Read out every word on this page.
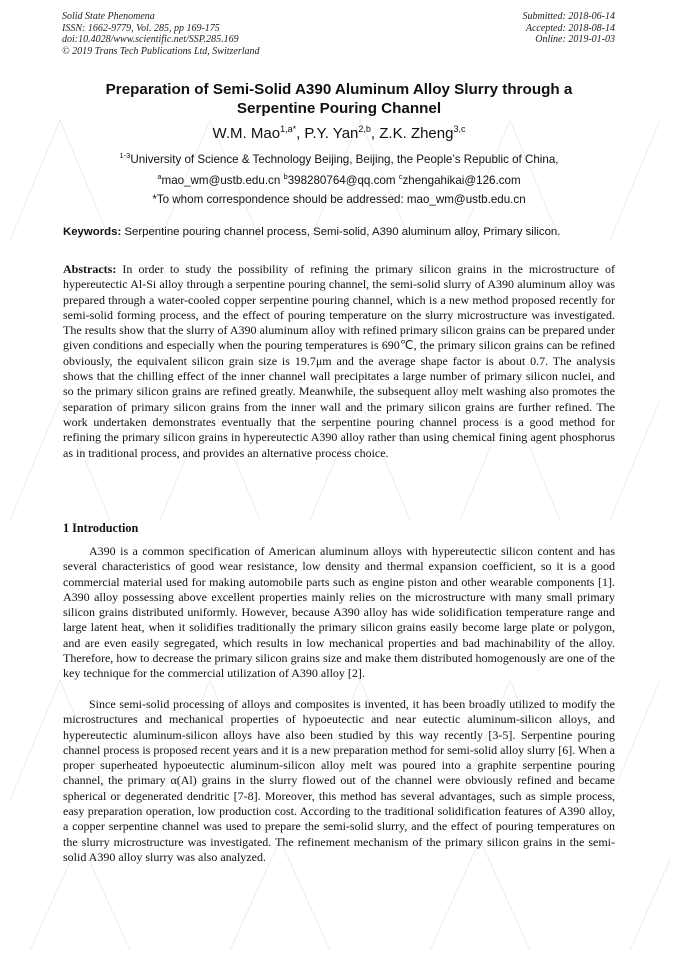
Solid State Phenomena
ISSN: 1662-9779, Vol. 285, pp 169-175
doi:10.4028/www.scientific.net/SSP.285.169
© 2019 Trans Tech Publications Ltd, Switzerland
Submitted: 2018-06-14
Accepted: 2018-08-14
Online: 2019-01-03
Preparation of Semi-Solid A390 Aluminum Alloy Slurry through a Serpentine Pouring Channel
W.M. Mao$^{1,a*}$, P.Y. Yan$^{2,b}$, Z.K. Zheng$^{3,c}$
$^{1-3}$University of Science & Technology Beijing, Beijing, the People’s Republic of China,
$^a$mao_wm@ustb.edu.cn $^b$398280764@qq.com $^c$zhengahikai@126.com
*To whom correspondence should be addressed: mao_wm@ustb.edu.cn
Keywords: Serpentine pouring channel process, Semi-solid, A390 aluminum alloy, Primary silicon.
Abstracts: In order to study the possibility of refining the primary silicon grains in the microstructure of hypereutectic Al-Si alloy through a serpentine pouring channel, the semi-solid slurry of A390 aluminum alloy was prepared through a water-cooled copper serpentine pouring channel, which is a new method proposed recently for semi-solid forming process, and the effect of pouring temperature on the slurry microstructure was investigated. The results show that the slurry of A390 aluminum alloy with refined primary silicon grains can be prepared under given conditions and especially when the pouring temperatures is 690℃, the primary silicon grains can be refined obviously, the equivalent silicon grain size is 19.7μm and the average shape factor is about 0.7. The analysis shows that the chilling effect of the inner channel wall precipitates a large number of primary silicon nuclei, and so the primary silicon grains are refined greatly. Meanwhile, the subsequent alloy melt washing also promotes the separation of primary silicon grains from the inner wall and the primary silicon grains are further refined. The work undertaken demonstrates eventually that the serpentine pouring channel process is a good method for refining the primary silicon grains in hypereutectic A390 alloy rather than using chemical fining agent phosphorus as in traditional process, and provides an alternative process choice.
1 Introduction

A390 is a common specification of American aluminum alloys with hypereutectic silicon content and has several characteristics of good wear resistance, low density and thermal expansion coefficient, so it is a good commercial material used for making automobile parts such as engine piston and other wearable components [1]. A390 alloy possessing above excellent properties mainly relies on the microstructure with many small primary silicon grains distributed uniformly. However, because A390 alloy has wide solidification temperature range and large latent heat, when it solidifies traditionally the primary silicon grains easily become large plate or polygon, and are even easily segregated, which results in low mechanical properties and bad machinability of the alloy. Therefore, how to decrease the primary silicon grains size and make them distributed homogenously are one of the key technique for the commercial utilization of A390 alloy [2].

Since semi-solid processing of alloys and composites is invented, it has been broadly utilized to modify the microstructures and mechanical properties of hypoeutectic and near eutectic aluminum-silicon alloys, and hypereutectic aluminum-silicon alloys have also been studied by this way recently [3-5]. Serpentine pouring channel process is proposed recent years and it is a new preparation method for semi-solid alloy slurry [6]. When a proper superheated hypoeutectic aluminum-silicon alloy melt was poured into a graphite serpentine pouring channel, the primary α(Al) grains in the slurry flowed out of the channel were obviously refined and became spherical or degenerated dendritic [7-8]. Moreover, this method has several advantages, such as simple process, easy preparation operation, low production cost. According to the traditional solidification features of A390 alloy, a copper serpentine channel was used to prepare the semi-solid slurry, and the effect of pouring temperatures on the slurry microstructure was investigated. The refinement mechanism of the primary silicon grains in the semi-solid A390 alloy slurry was also analyzed.
